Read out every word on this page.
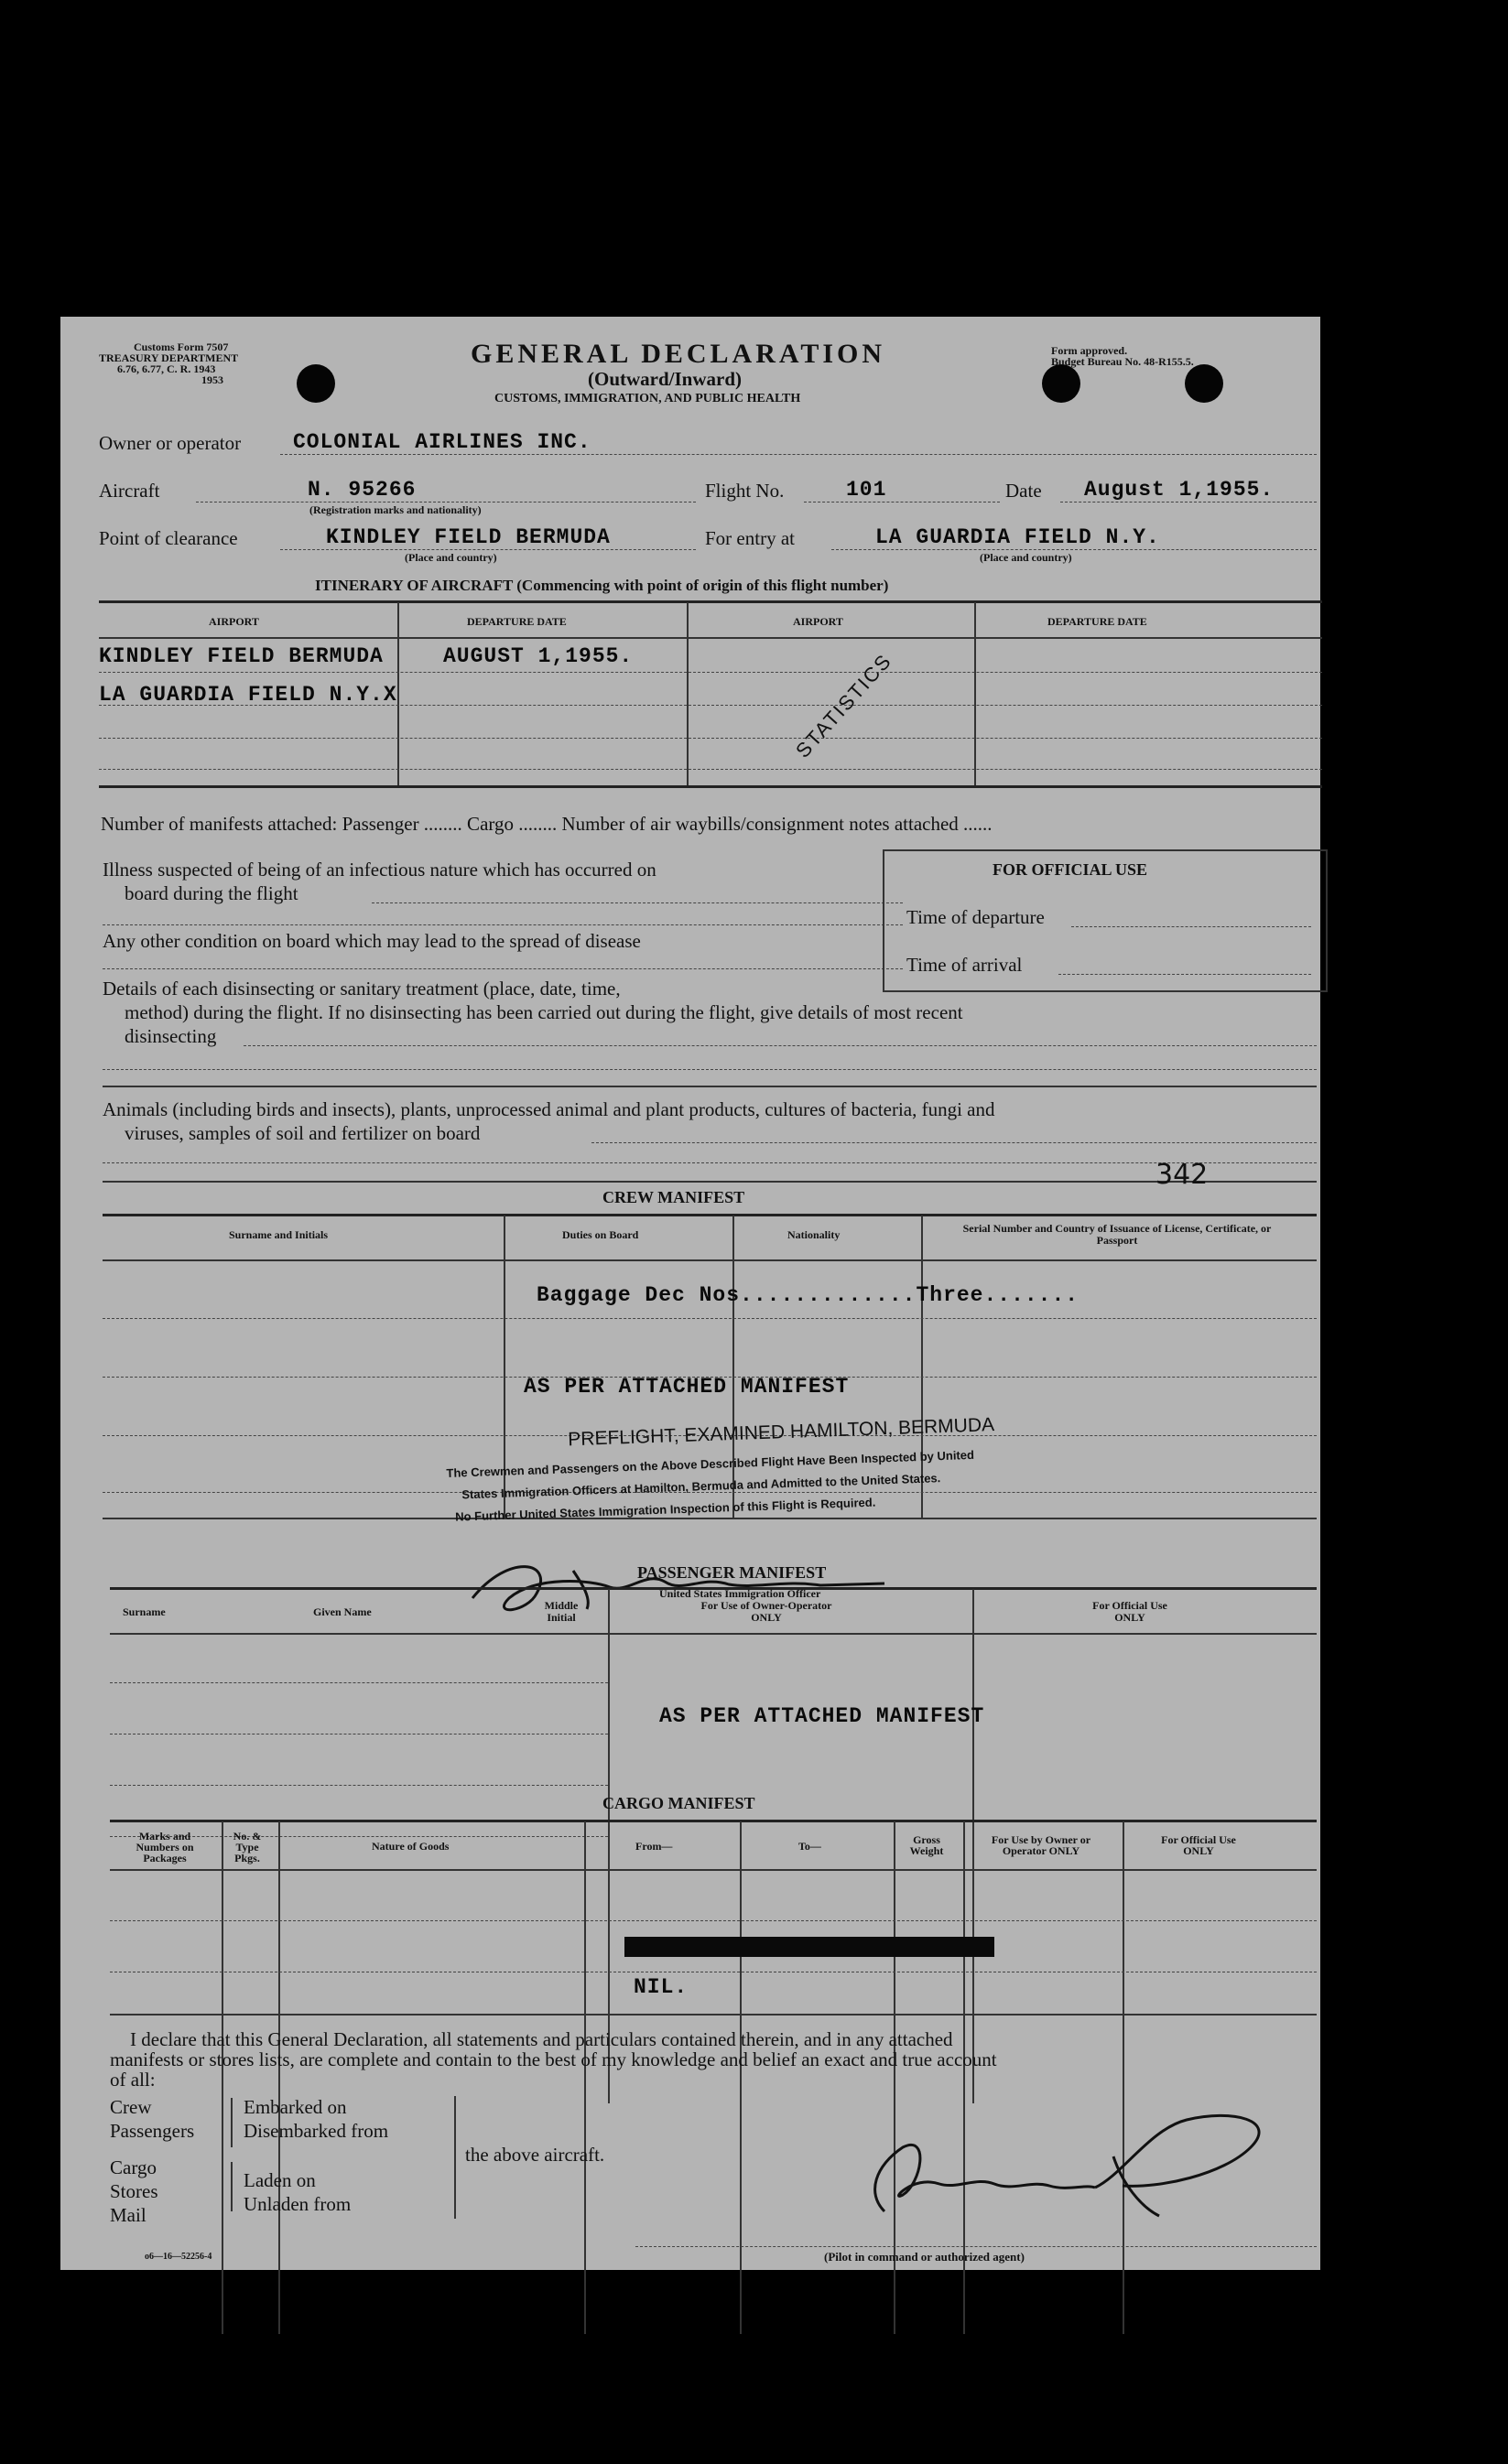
Customs Form 7507
TREASURY DEPARTMENT
6.76, 6.77, C. R. 1943
1953
GENERAL DECLARATION
(Outward/Inward)
CUSTOMS, IMMIGRATION, AND PUBLIC HEALTH
Form approved.
Budget Bureau No. 48-R155.5.
Owner or operator COLONIAL AIRLINES INC.
Aircraft	N. 95266
(Registration marks and nationality)
Flight No.	101	Date August 1,1955.
Point of clearance	KINDLEY FIELD BERMUDA
(Place and country)
For entry at	LA GUARDIA FIELD N.Y.
(Place and country)
ITINERARY OF AIRCRAFT (Commencing with point of origin of this flight number)
AIRPORT	DEPARTURE DATE	AIRPORT	DEPARTURE DATE
KINDLEY FIELD BERMUDA	AUGUST 1,1955.
LA GUARDIA FIELD N.Y.X	STATISTICS
Number of manifests attached: Passenger ........ Cargo ........ Number of air waybills/consignment notes attached ......
Illness suspected of being of an infectious nature which has occurred on
board during the flight
Any other condition on board which may lead to the spread of disease
Details of each disinsecting or sanitary treatment (place, date, time,
method) during the flight. If no disinsecting has been carried out during the flight, give details of most recent
disinsecting
FOR OFFICIAL USE
Time of departure
Time of arrival
Animals (including birds and insects), plants, unprocessed animal and plant products, cultures of bacteria, fungi and
viruses, samples of soil and fertilizer on board
342
CREW MANIFEST
Surname and Initials	Duties on Board	Nationality	Serial Number and Country of Issuance of License, Certificate, or Passport
Baggage Dec Nos.............Three.......
AS PER ATTACHED MANIFEST
PREFLIGHT, EXAMINED HAMILTON, BERMUDA
The Crewmen and Passengers on the Above Described Flight Have Been Inspected by United
States Immigration Officers at Hamilton, Bermuda and Admitted to the United States.
No Further United States Immigration Inspection of this Flight is Required.
United States Immigration Officer
PASSENGER MANIFEST
Surname	Given Name	Middle Initial
For Use of Owner-Operator ONLY
For Official Use ONLY
AS PER ATTACHED MANIFEST
CARGO MANIFEST
Marks and Numbers on Packages
No. & Type Pkgs.
Nature of Goods	From—	To—	Gross Weight
For Use by Owner or Operator ONLY
For Official Use ONLY
NIL.
I declare that this General Declaration, all statements and particulars contained therein, and in any attached
manifests or stores lists, are complete and contain to the best of my knowledge and belief an exact and true account
of all:
Crew
Passengers
Embarked on
Disembarked from
Cargo
Stores
Mail
Laden on
Unladen from
the above aircraft.
(Pilot in command or authorized agent)
o6—16—52256-4
